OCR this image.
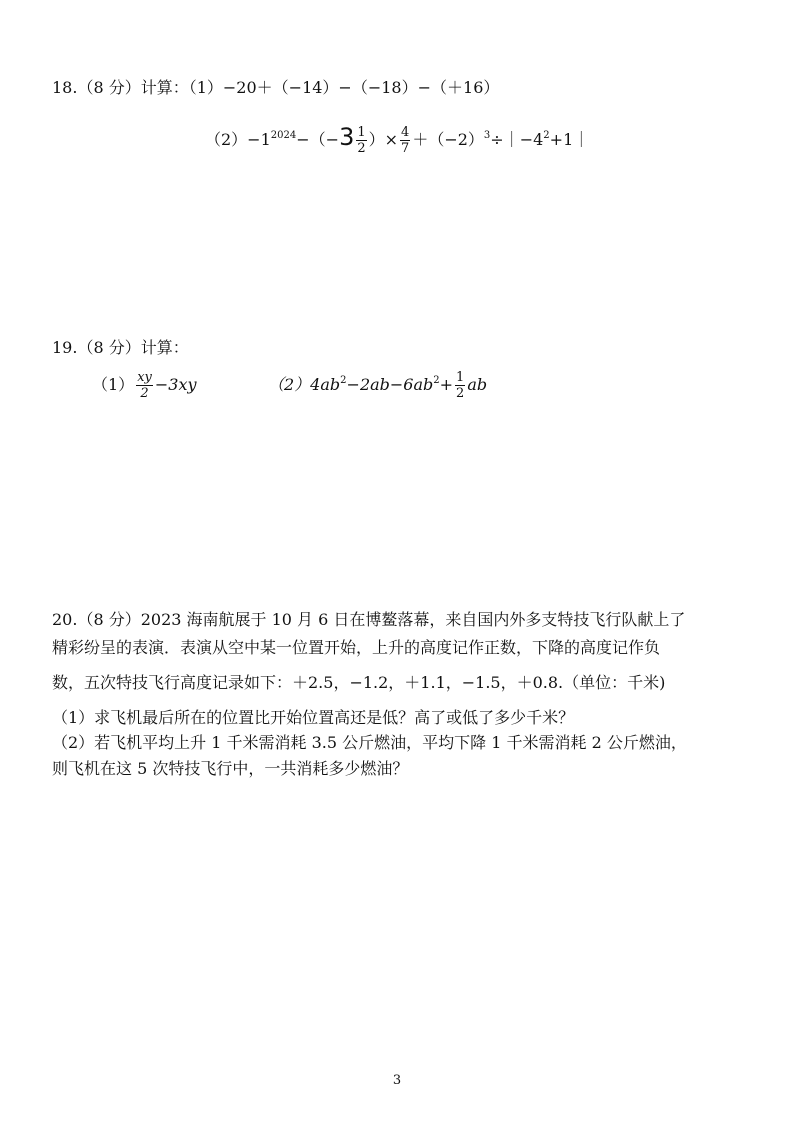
18.（8 分）计算：（1）−20＋（−14）−（−18）−（＋16）
$(2)-1^{2024}-(-3 \frac{1}{2}$ ）× $\frac{4}{7}$ $+(-2)^3\div|-4^2+1|$
19.（8 分）计算：
$(1) \frac{xy}{2} -3xy$	$(2)4ab^2-2ab-6ab^2+ \frac{1}{2}$ ab
20.（8 分）2023 海南航展于 10 月 6 日在博鳌落幕，来自国内外多支特技飞行队献上了
精彩纷呈的表演．表演从空中某一位置开始，上升的高度记作正数，下降的高度记作负
数，五次特技飞行高度记录如下：＋2.5，−1.2，＋1.1，−1.5，＋0.8.（单位：千米)
（1）求飞机最后所在的位置比开始位置高还是低？高了或低了多少千米？
（2）若飞机平均上升 1 千米需消耗 3.5 公斤燃油，平均下降 1 千米需消耗 2 公斤燃油，
则飞机在这 5 次特技飞行中，一共消耗多少燃油？
3
